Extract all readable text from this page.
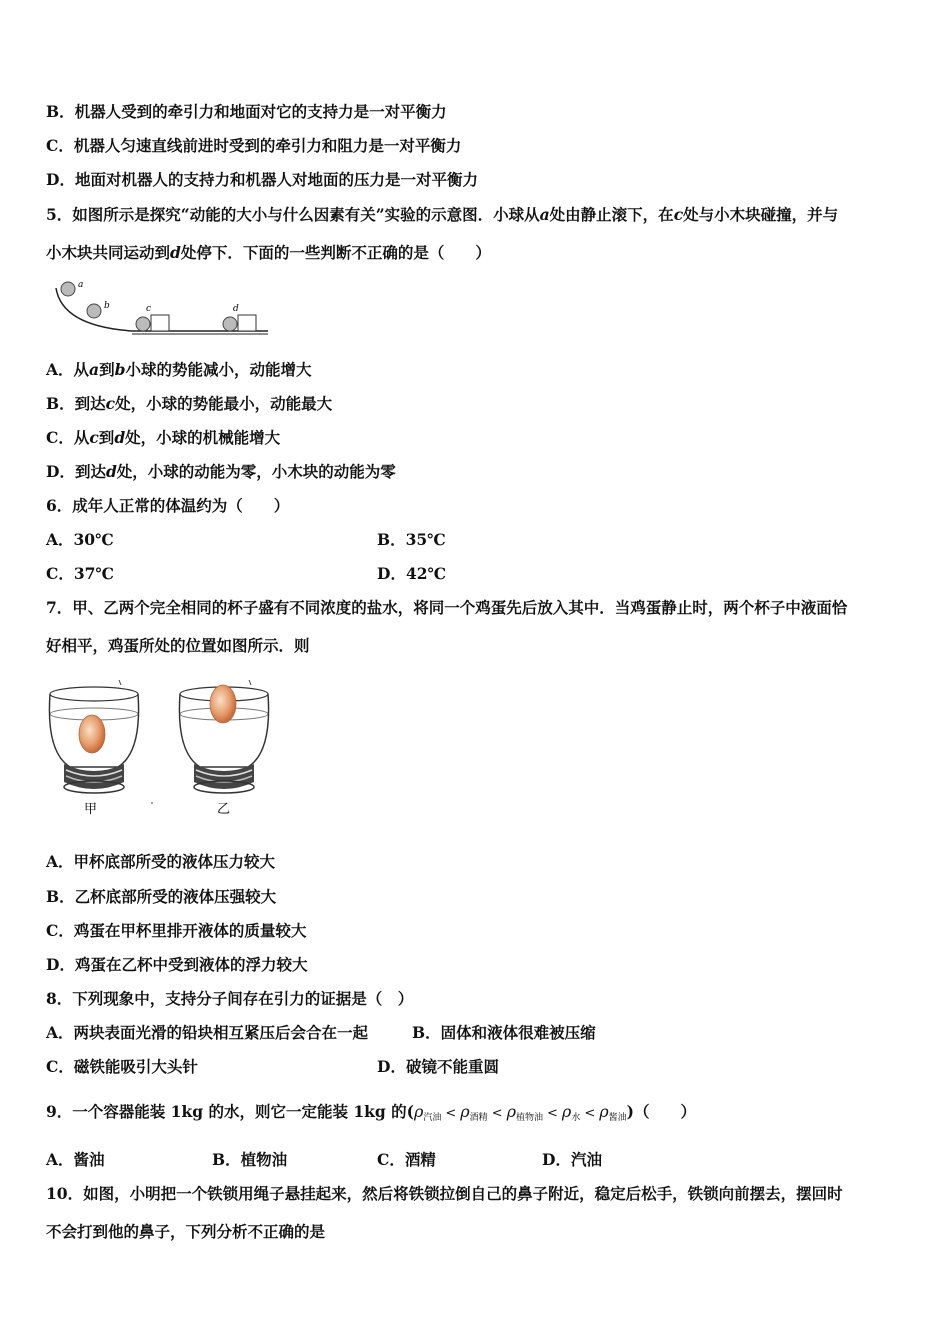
B．机器人受到的牵引力和地面对它的支持力是一对平衡力
C．机器人匀速直线前进时受到的牵引力和阻力是一对平衡力
D．地面对机器人的支持力和机器人对地面的压力是一对平衡力
5．如图所示是探究“动能的大小与什么因素有关”实验的示意图．小球从a处由静止滚下，在c处与小木块碰撞，并与
小木块共同运动到d处停下．下面的一些判断不正确的是（　　）
a
b	c	d
A．从a到b小球的势能减小，动能增大
B．到达c处，小球的势能最小，动能最大
C．从c到d处，小球的机械能增大
D．到达d处，小球的动能为零，小木块的动能为零
6．成年人正常的体温约为（　　）
A．30℃	B．35℃
C．37℃	D．42℃
7．甲、乙两个完全相同的杯子盛有不同浓度的盐水，将同一个鸡蛋先后放入其中．当鸡蛋静止时，两个杯子中液面恰
好相平，鸡蛋所处的位置如图所示．则
甲	乙
A．甲杯底部所受的液体压力较大
B．乙杯底部所受的液体压强较大
C．鸡蛋在甲杯里排开液体的质量较大
D．鸡蛋在乙杯中受到液体的浮力较大
8．下列现象中，支持分子间存在引力的证据是（　）
A．两块表面光滑的铅块相互紧压后会合在一起	B．固体和液体很难被压缩
C．磁铁能吸引大头针	D．破镜不能重圆
9．一个容器能装 1kg 的水，则它一定能装 1kg 的$(\rho_{汽油} < \rho_{酒精} < \rho_{植物油} < \rho_水 < \rho_{酱油})$（　　）
A．酱油	B．植物油	C．酒精	D．汽油
10．如图，小明把一个铁锁用绳子悬挂起来，然后将铁锁拉倒自己的鼻子附近，稳定后松手，铁锁向前摆去，摆回时
不会打到他的鼻子，下列分析不正确的是
